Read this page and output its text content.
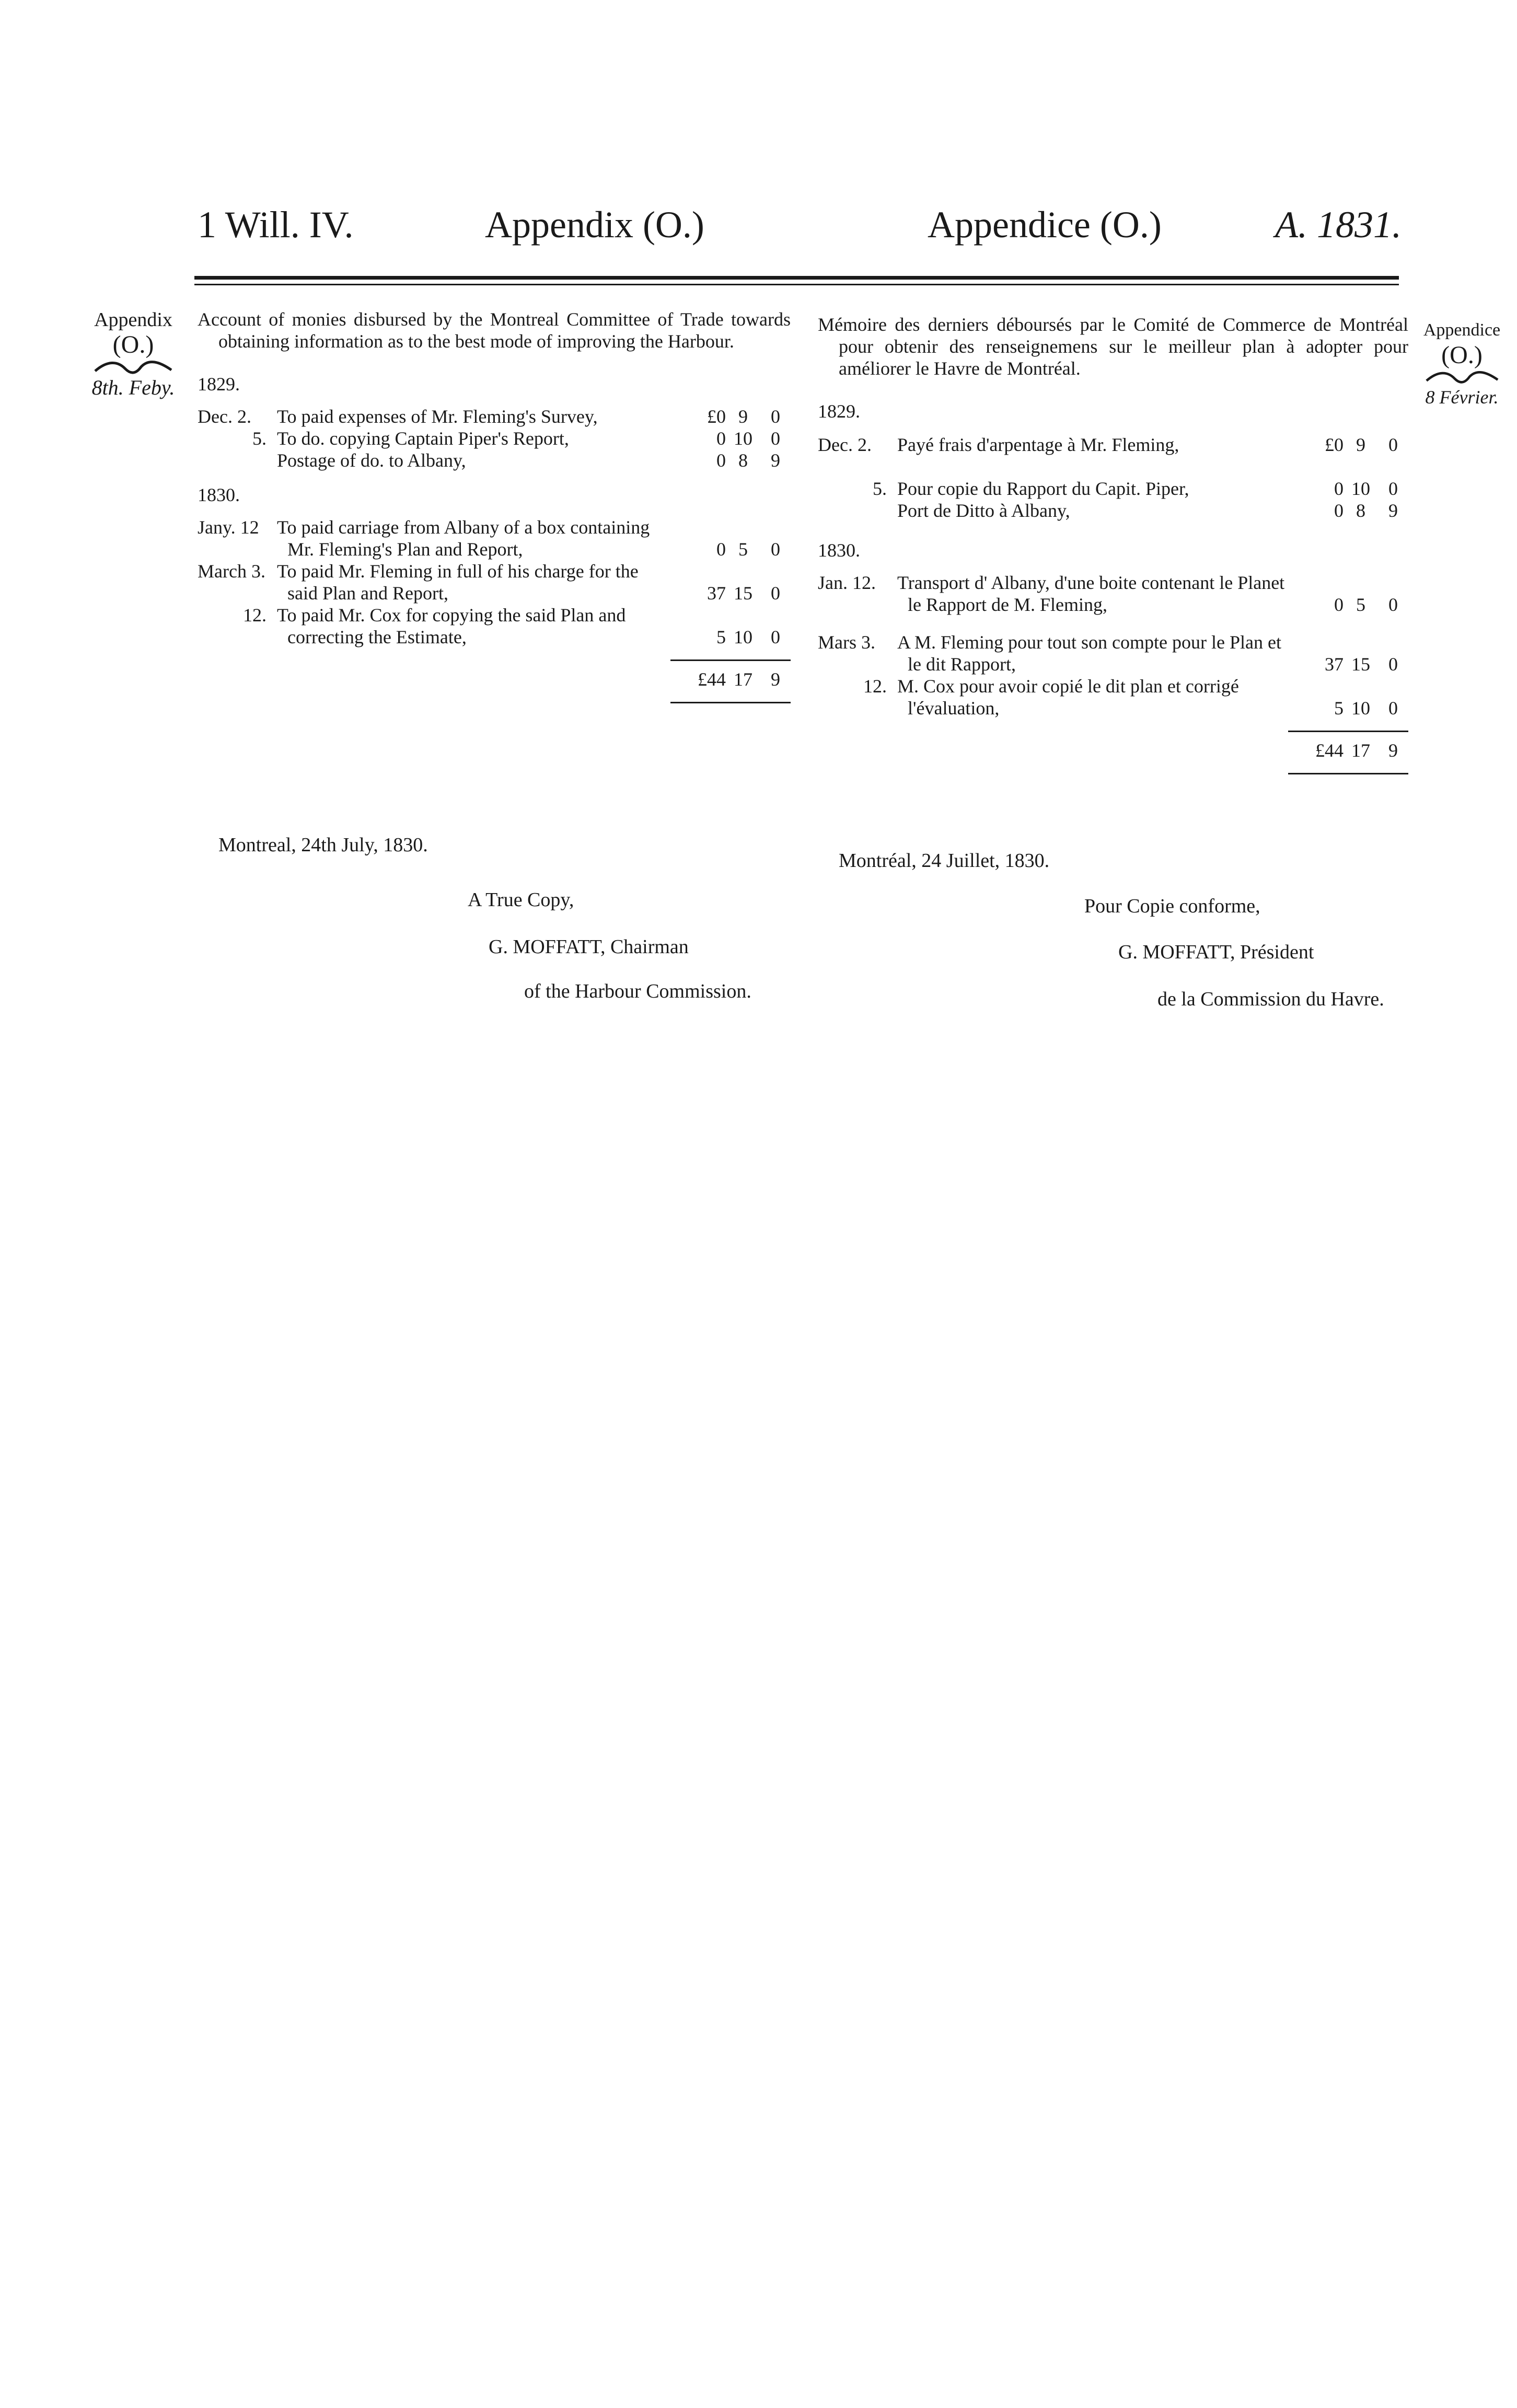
1 Will. IV.	Appendix (O.)	Appendice (O.)	A. 1831.
Appendix
(O.)
8th. Feby.
Appendice
(O.)
8 Février.
Account of monies disbursed by the Montreal Committee of Trade towards obtaining information as to the best mode of improving the Harbour.
1829.
Dec. 2.	To paid expenses of Mr. Fleming's Survey,	£0 9	0
5. To do. copying Captain Piper's Report,	0 10 0
Postage of do. to Albany,	0 8	9
1830.
Jany. 12 To paid carriage from Albany of a box containing Mr. Fleming's Plan and Report,	0 5	0
March 3. To paid Mr. Fleming in full of his charge for the said Plan and Report,	37 15 0
12. To paid Mr. Cox for copying the said Plan and correcting the Estimate,	5 10 0
£44 17 9
Montreal, 24th July, 1830.
A True Copy,
G. MOFFATT, Chairman
of the Harbour Commission.
Mémoire des derniers déboursés par le Comité de Commerce de Montréal pour obtenir des renseignemens sur le meilleur plan à adopter pour améliorer le Havre de Montréal.
1829.
Dec. 2.	Payé frais d'arpentage à Mr. Fleming,	£0 9	0
5. Pour copie du Rapport du Capit. Piper,	0 10 0
Port de Ditto à Albany,	0 8	9
1830.
Jan. 12.	Transport d' Albany, d'une boite contenant le Planet le Rapport de M. Fleming,	0 5	0
Mars 3.	A M. Fleming pour tout son compte pour le Plan et le dit Rapport,	37 15 0
12. M. Cox pour avoir copié le dit plan et corrigé l'évaluation,	5 10 0
£44 17 9
Montréal, 24 Juillet, 1830.
Pour Copie conforme,
G. MOFFATT, Président
de la Commission du Havre.
